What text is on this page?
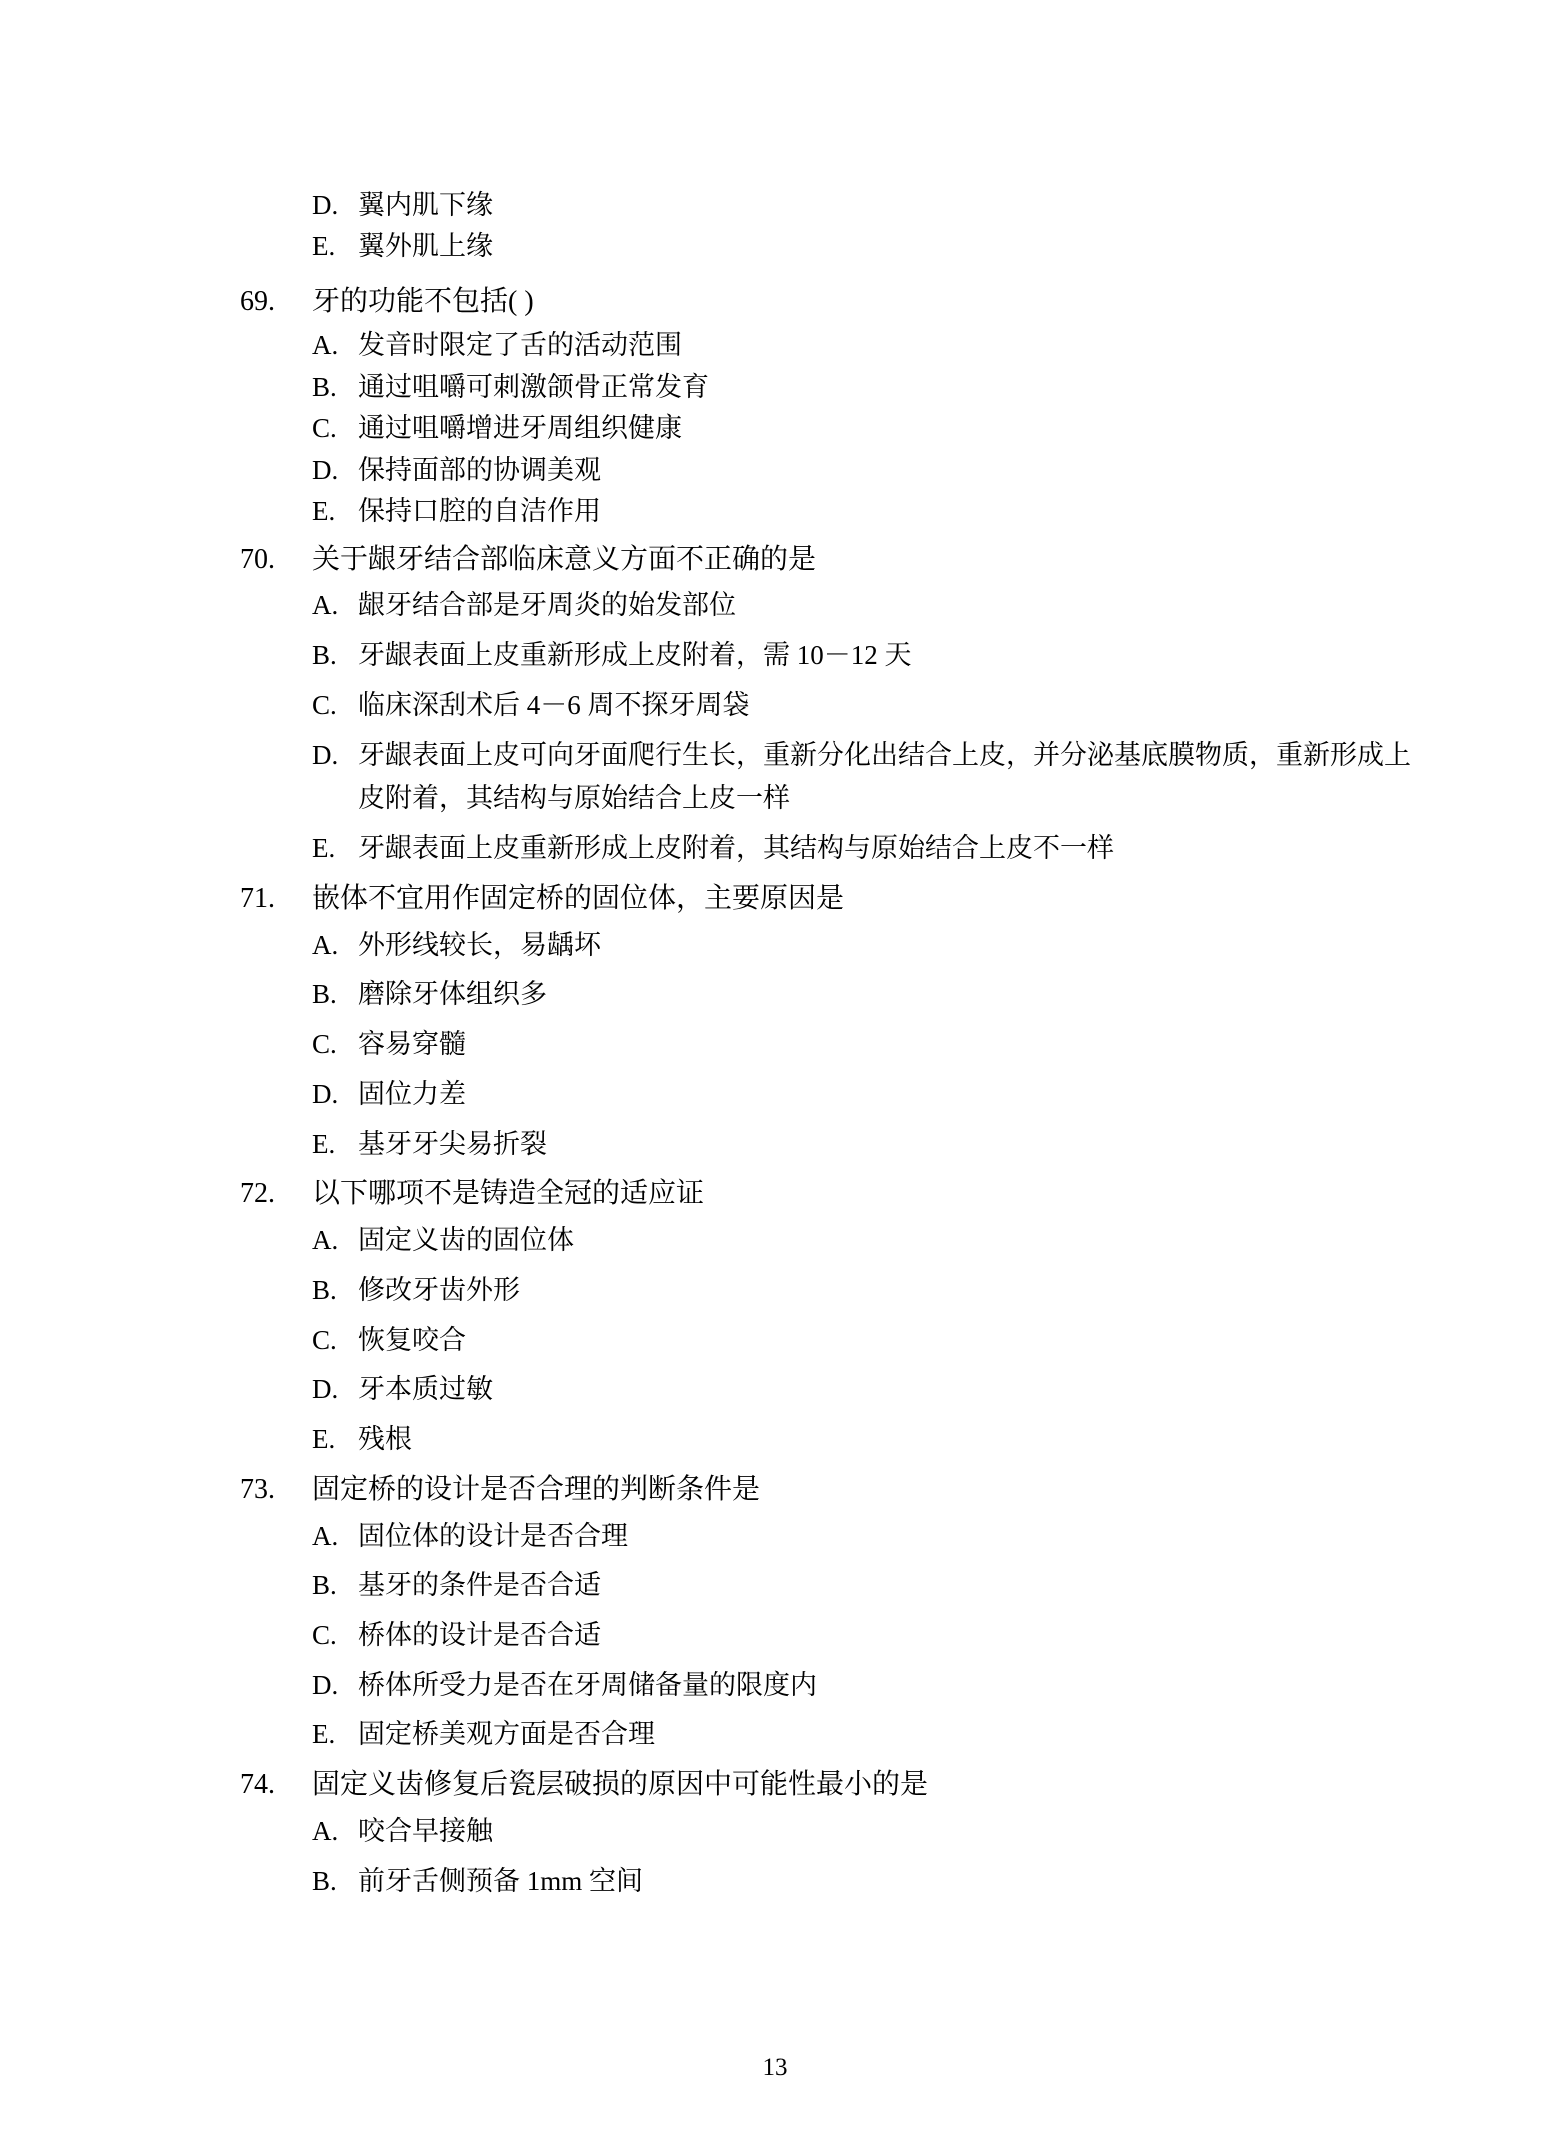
D. 翼内肌下缘
E. 翼外肌上缘
69.	牙的功能不包括( )
A. 发音时限定了舌的活动范围
B. 通过咀嚼可刺激颌骨正常发育
C. 通过咀嚼增进牙周组织健康
D. 保持面部的协调美观
E. 保持口腔的自洁作用
70.	关于龈牙结合部临床意义方面不正确的是
A. 龈牙结合部是牙周炎的始发部位
B. 牙龈表面上皮重新形成上皮附着，需 10－12 天
C. 临床深刮术后 4－6 周不探牙周袋
D. 牙龈表面上皮可向牙面爬行生长，重新分化出结合上皮，并分泌基底膜物质，重新形成上皮附着，其结构与原始结合上皮一样
E. 牙龈表面上皮重新形成上皮附着，其结构与原始结合上皮不一样
71.	嵌体不宜用作固定桥的固位体，主要原因是
A. 外形线较长，易龋坏
B. 磨除牙体组织多
C. 容易穿髓
D. 固位力差
E. 基牙牙尖易折裂
72.	以下哪项不是铸造全冠的适应证
A. 固定义齿的固位体
B. 修改牙齿外形
C. 恢复咬合
D. 牙本质过敏
E. 残根
73.	固定桥的设计是否合理的判断条件是
A. 固位体的设计是否合理
B. 基牙的条件是否合适
C. 桥体的设计是否合适
D. 桥体所受力是否在牙周储备量的限度内
E. 固定桥美观方面是否合理
74.	固定义齿修复后瓷层破损的原因中可能性最小的是
A. 咬合早接触
B. 前牙舌侧预备 1mm 空间
13
